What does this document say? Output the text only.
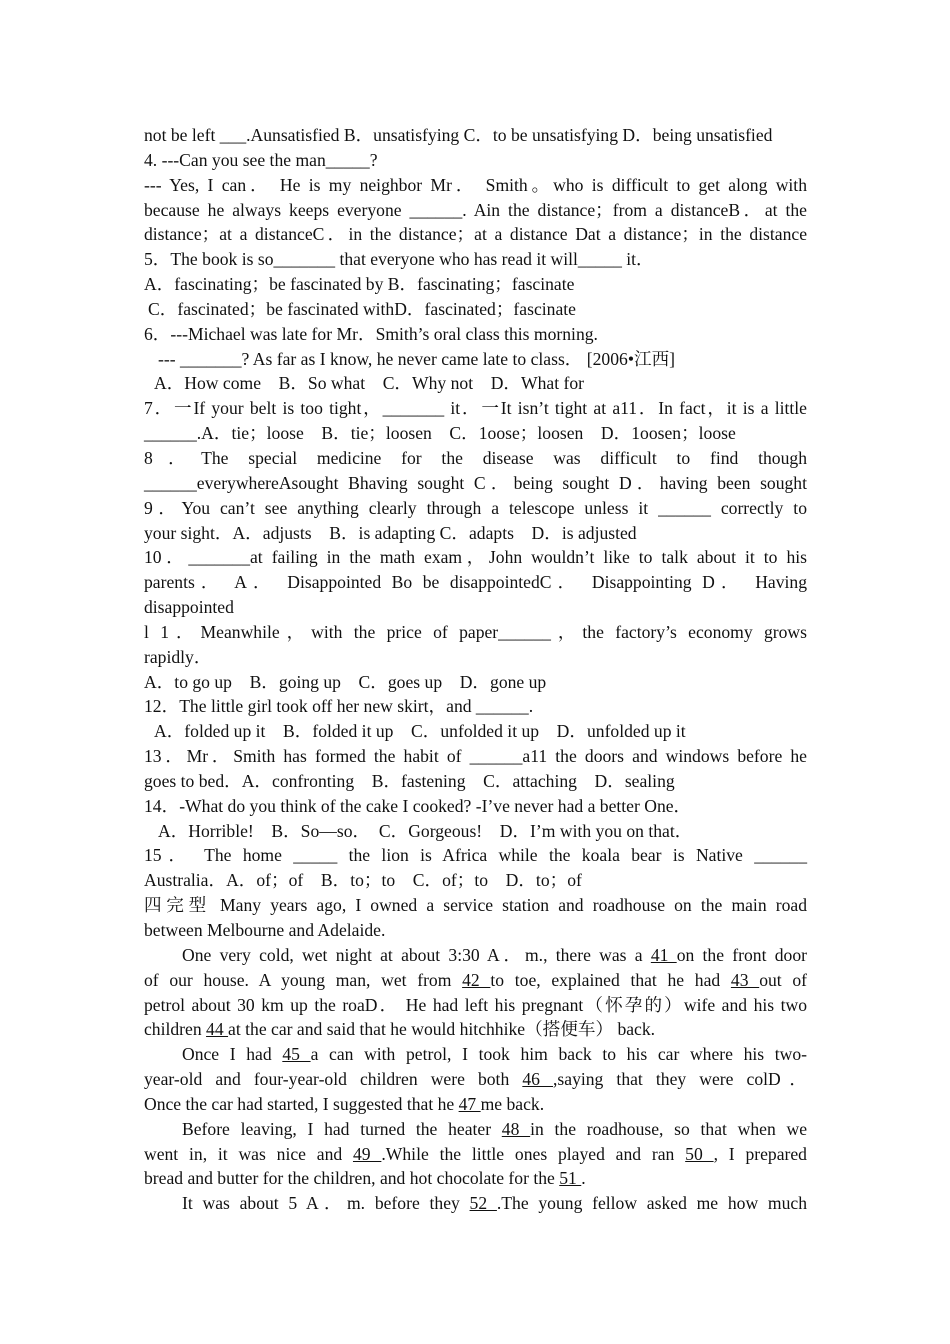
not be left ___.Aunsatisfied B．unsatisfying C．to be unsatisfying D．being unsatisfied
4. ---Can you see the man_____?
--- Yes, I can． He is my neighbor Mr． Smith。who is difficult to get along with
because he always keeps everyone ______. Ain the distance；from a distanceB．at the
distance；at a distanceC．in the distance；at a distance Dat a distance；in the distance
5．The book is so_______ that everyone who has read it will_____ it．
A．fascinating；be fascinated by B．fascinating；fascinate
C．fascinated；be fascinated withD．fascinated；fascinate
6．---Michael was late for Mr．Smith’s oral class this morning.
--- _______? As far as I know, he never came late to class． [2006•江西]
A．How come　B．So what　C．Why not　D．What for
7．一If your belt is too tight，_______ it．一It isn’t tight at a11．In fact，it is a little
______.A．tie；loose　B．tie；loosen　C．1oose；loosen　D．1oosen；loose
8．The special medicine for the disease was difficult to find though
______everywhereAsought Bhaving sought C．being sought D．having been sought
9．You can’t see anything clearly through a telescope unless it ______ correctly to
your sight．A．adjusts　B．is adapting C．adapts　D．is adjusted
10．_______at failing in the math exam，John wouldn’t like to talk about it to his
parents． A． Disappointed Bo be disappointedC． Disappointing D． Having
disappointed
l 1．Meanwhile，with the price of paper______，the factory’s economy grows
rapidly．
A．to go up　B．going up　C．goes up　D．gone up
12．The little girl took off her new skirt，and ______.
A．folded up it　B．folded it up　C．unfolded it up　D．unfolded up it
13．Mr．Smith has formed the habit of ______a11 the doors and windows before he
goes to bed．A．confronting　B．fastening　C．attaching　D．sealing
14．-What do you think of the cake I cooked? -I’ve never had a better One．
A．Horrible!　B．So—so．　C．Gorgeous!　D．I’m with you on that．
15． The home _____ the lion is Africa while the koala bear is Native ______
Australia．A．of；of　B．to；to　C．of；to　D．to；of
四完型 Many years ago, I owned a service station and roadhouse on the main road
between Melbourne and Adelaide.
One very cold, wet night at about 3:30 A．m., there was a 41 on the front door
of our house. A young man, wet from 42 to toe, explained that he had 43 out of
petrol about 30 km up the roaD． He had left his pregnant（怀孕的）wife and his two
children 44 at the car and said that he would hitchhike（搭便车） back.
Once I had 45 a can with petrol, I took him back to his car where his two-
year-old and four-year-old children were both 46 ,saying that they were colD．
Once the car had started, I suggested that he 47 me back.
Before leaving, I had turned the heater 48 in the roadhouse, so that when we
went in, it was nice and 49 .While the little ones played and ran 50 , I prepared
bread and butter for the children, and hot chocolate for the 51 .
It was about 5 A．m. before they 52 .The young fellow asked me how much
